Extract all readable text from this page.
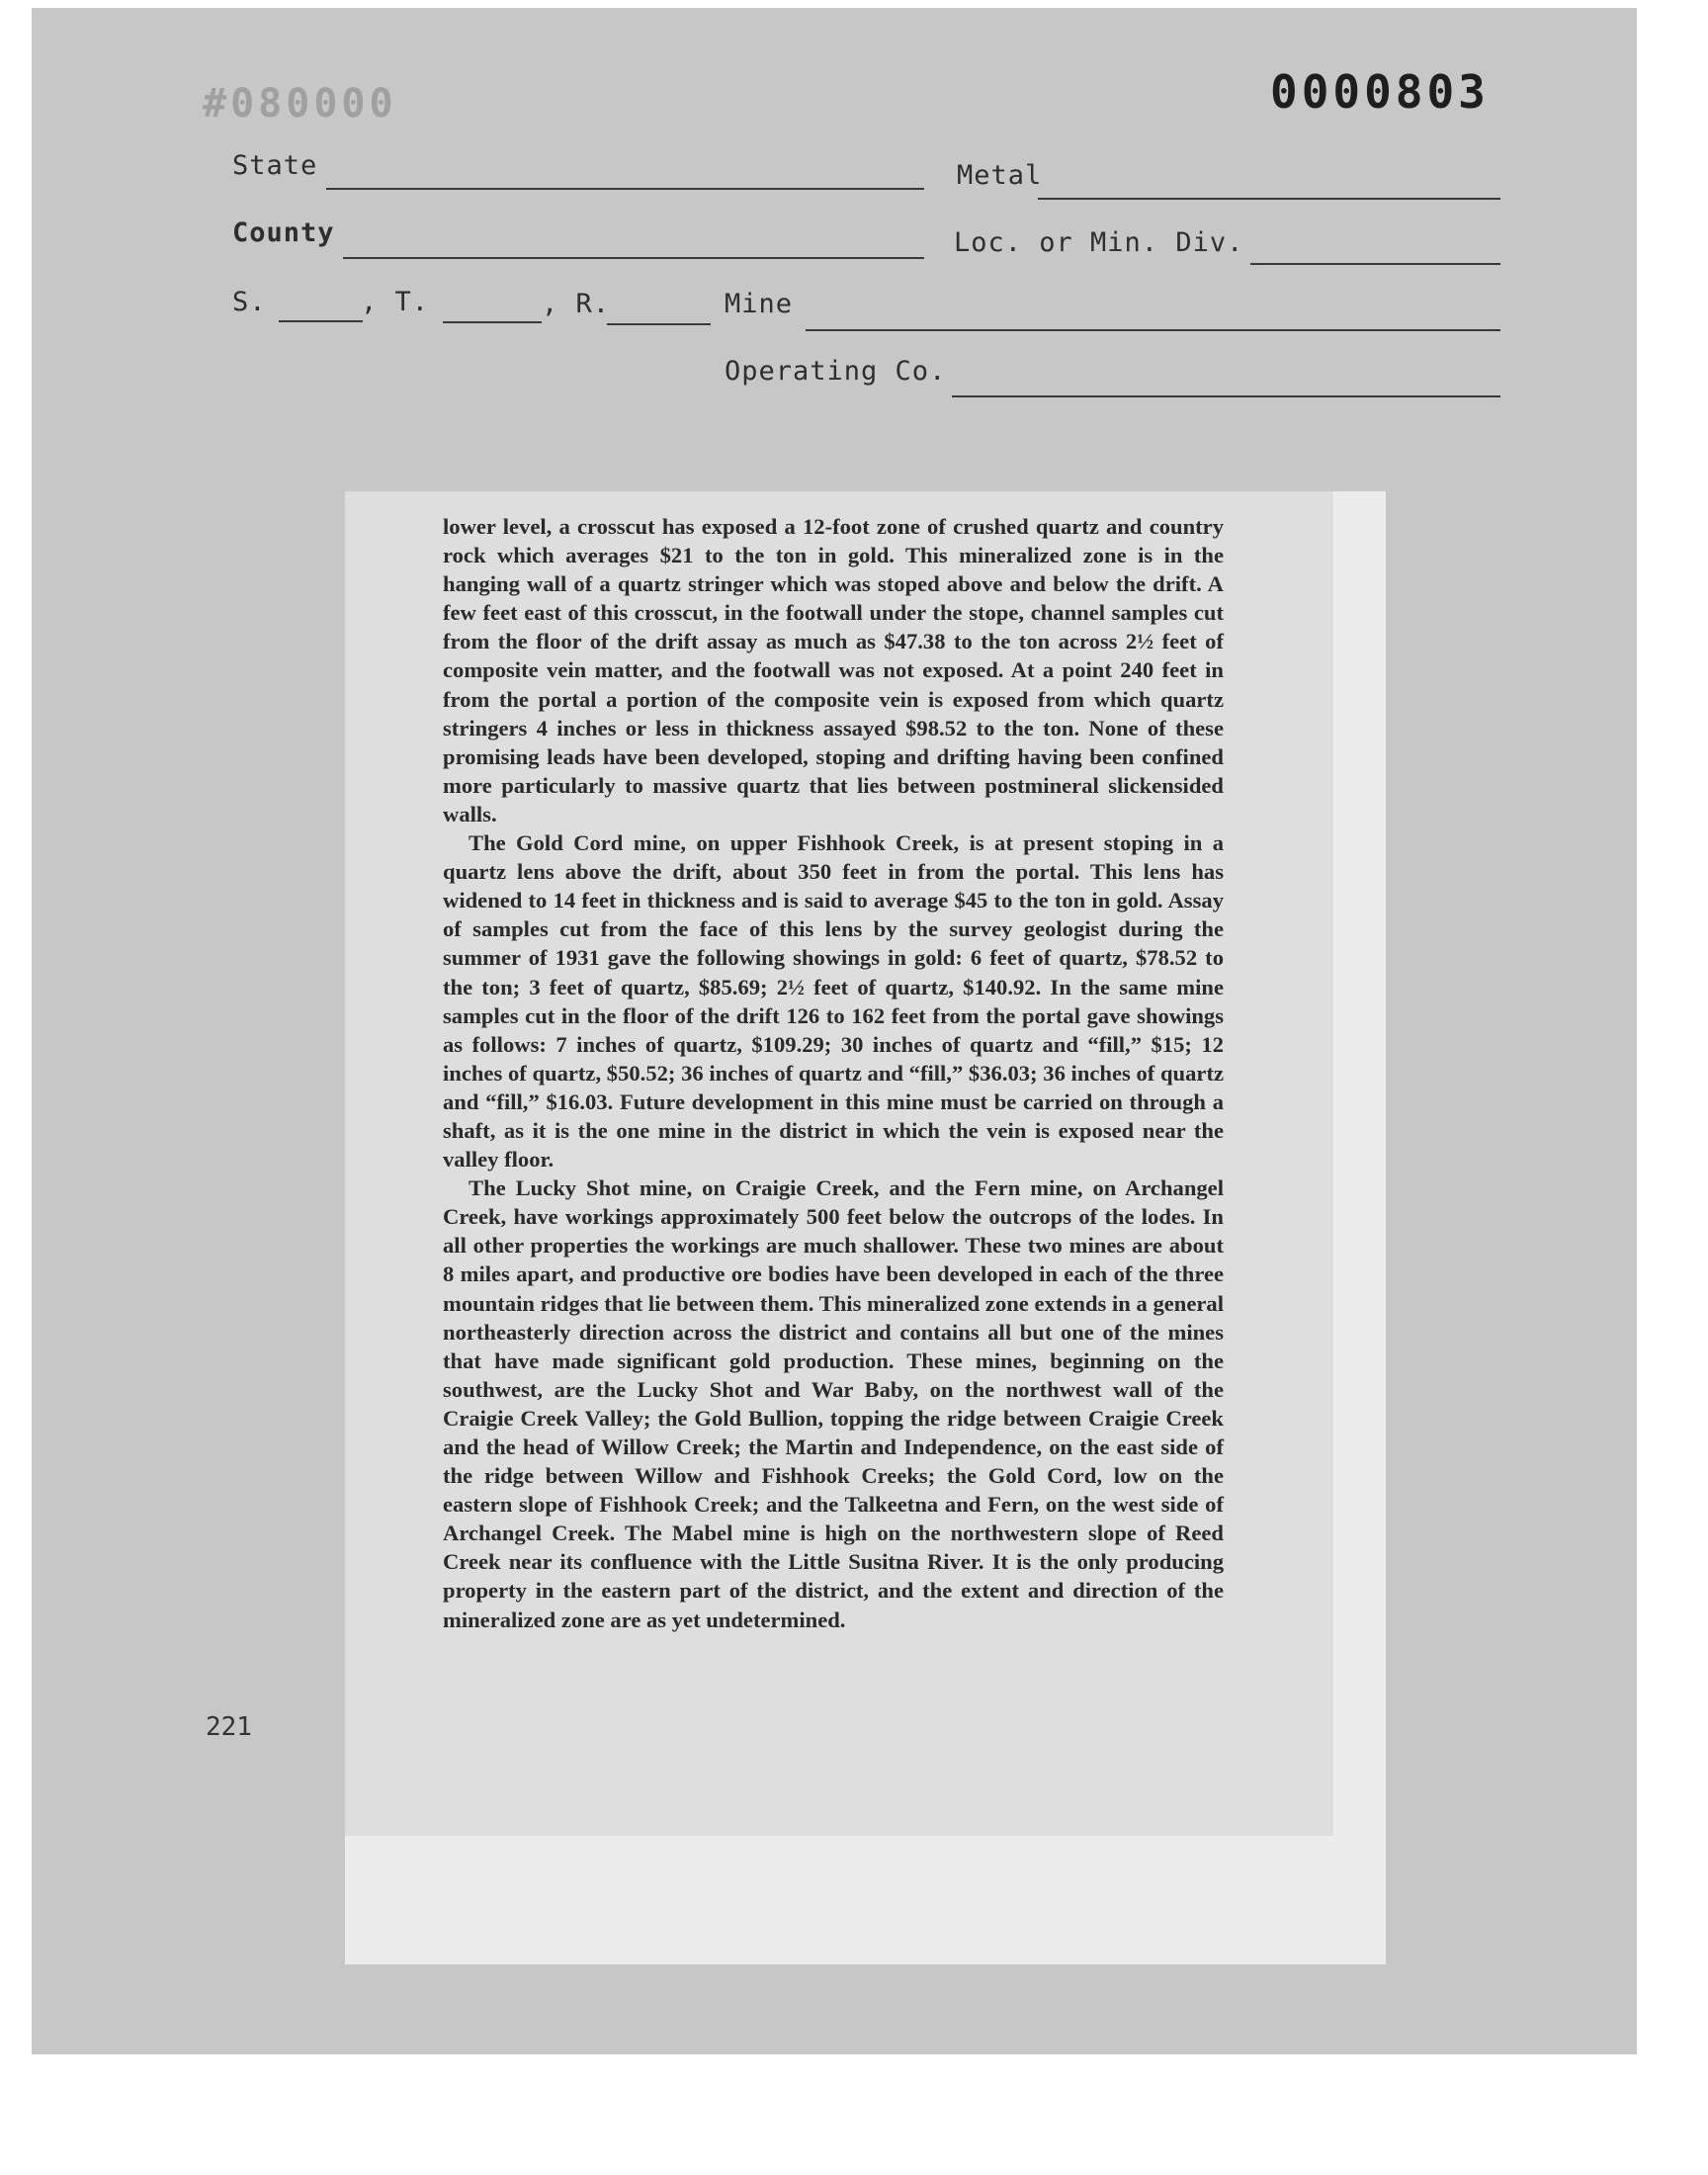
#080000	0000803
State	Metal
County	Loc. or Min. Div.
S.	, T.	, R.	Mine
Operating Co.
221

lower level, a crosscut has exposed a 12-foot zone of crushed quartz and country rock which averages $21 to the ton in gold. This mineralized zone is in the hanging wall of a quartz stringer which was stoped above and below the drift. A few feet east of this crosscut, in the footwall under the stope, channel samples cut from the floor of the drift assay as much as $47.38 to the ton across 2½ feet of composite vein matter, and the footwall was not exposed. At a point 240 feet in from the portal a portion of the composite vein is exposed from which quartz stringers 4 inches or less in thickness assayed $98.52 to the ton. None of these promising leads have been developed, stoping and drifting having been confined more particularly to massive quartz that lies between postmineral slickensided walls.

The Gold Cord mine, on upper Fishhook Creek, is at present stoping in a quartz lens above the drift, about 350 feet in from the portal. This lens has widened to 14 feet in thickness and is said to average $45 to the ton in gold. Assay of samples cut from the face of this lens by the survey geologist during the summer of 1931 gave the following showings in gold: 6 feet of quartz, $78.52 to the ton; 3 feet of quartz, $85.69; 2½ feet of quartz, $140.92. In the same mine samples cut in the floor of the drift 126 to 162 feet from the portal gave showings as follows: 7 inches of quartz, $109.29; 30 inches of quartz and “fill,” $15; 12 inches of quartz, $50.52; 36 inches of quartz and “fill,” $36.03; 36 inches of quartz and “fill,” $16.03. Future development in this mine must be carried on through a shaft, as it is the one mine in the district in which the vein is exposed near the valley floor.

The Lucky Shot mine, on Craigie Creek, and the Fern mine, on Archangel Creek, have workings approximately 500 feet below the outcrops of the lodes. In all other properties the workings are much shallower. These two mines are about 8 miles apart, and productive ore bodies have been developed in each of the three mountain ridges that lie between them. This mineralized zone extends in a general northeasterly direction across the district and contains all but one of the mines that have made significant gold production. These mines, beginning on the southwest, are the Lucky Shot and War Baby, on the northwest wall of the Craigie Creek Valley; the Gold Bullion, topping the ridge between Craigie Creek and the head of Willow Creek; the Martin and Independence, on the east side of the ridge between Willow and Fishhook Creeks; the Gold Cord, low on the eastern slope of Fishhook Creek; and the Talkeetna and Fern, on the west side of Archangel Creek. The Mabel mine is high on the northwestern slope of Reed Creek near its confluence with the Little Susitna River. It is the only producing property in the eastern part of the district, and the extent and direction of the mineralized zone are as yet undetermined.
